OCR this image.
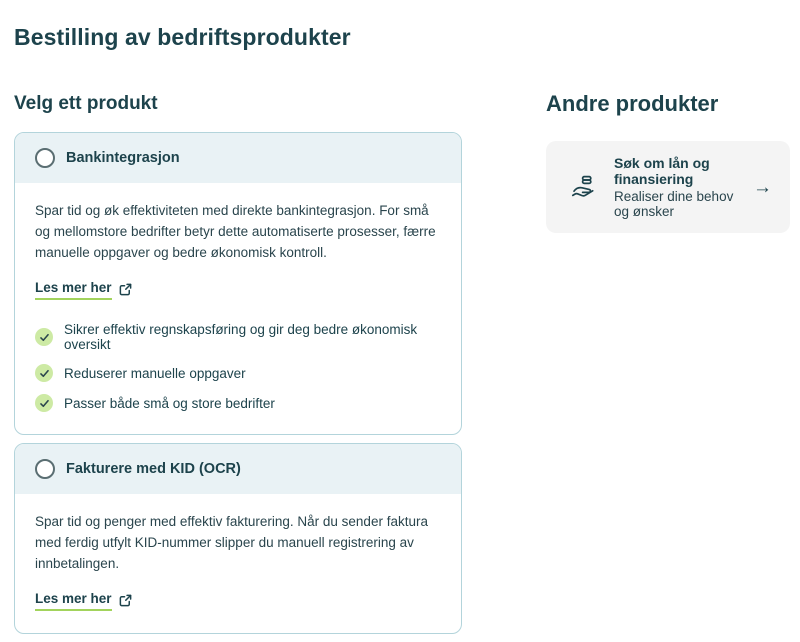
Bestilling av bedriftsprodukter
Velg ett produkt
Bankintegrasjon

Spar tid og øk effektiviteten med direkte bankintegrasjon. For små og mellomstore bedrifter betyr dette automatiserte prosesser, færre manuelle oppgaver og bedre økonomisk kontroll.

Les mer her
Sikrer effektiv regnskapsføring og gir deg bedre økonomisk oversikt
Reduserer manuelle oppgaver
Passer både små og store bedrifter
Fakturere med KID (OCR)

Spar tid og penger med effektiv fakturering. Når du sender faktura med ferdig utfylt KID-nummer slipper du manuell registrering av innbetalingen.

Les mer her
Andre produkter
Søk om lån og finansiering
Realiser dine behov og ønsker
→
